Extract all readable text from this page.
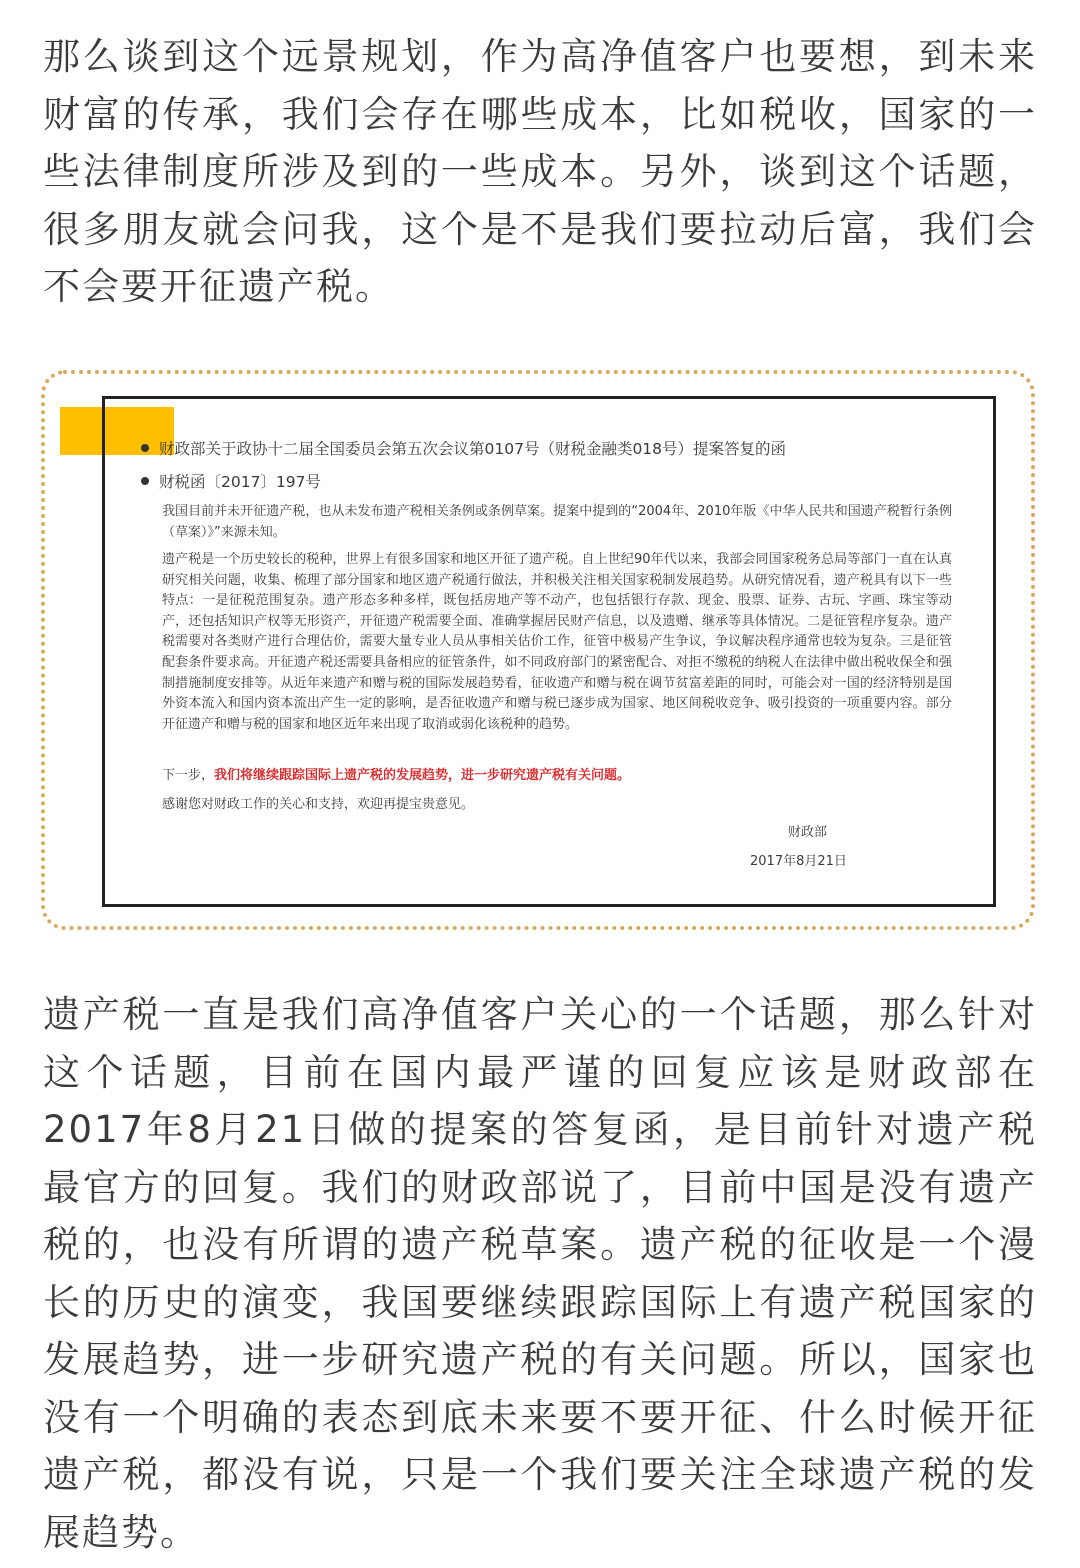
那么谈到这个远景规划，作为高净值客户也要想，到未来财富的传承，我们会存在哪些成本，比如税收，国家的一些法律制度所涉及到的一些成本。另外，谈到这个话题，很多朋友就会问我，这个是不是我们要拉动后富，我们会不会要开征遗产税。

财政部关于政协十二届全国委员会第五次会议第0107号（财税金融类018号）提案答复的函
财税函〔2017〕197号
我国目前并未开征遗产税，也从未发布遗产税相关条例或条例草案。提案中提到的“2004年、2010年版《中华人民共和国遗产税暂行条例（草案）》”来源未知。
遗产税是一个历史较长的税种，世界上有很多国家和地区开征了遗产税。自上世纪90年代以来，我部会同国家税务总局等部门一直在认真研究相关问题，收集、梳理了部分国家和地区遗产税通行做法，并积极关注相关国家税制发展趋势。从研究情况看，遗产税具有以下一些特点：一是征税范围复杂。遗产形态多种多样，既包括房地产等不动产，也包括银行存款、现金、股票、证券、古玩、字画、珠宝等动产，还包括知识产权等无形资产，开征遗产税需要全面、准确掌握居民财产信息，以及遗赠、继承等具体情况。二是征管程序复杂。遗产税需要对各类财产进行合理估价，需要大量专业人员从事相关估价工作，征管中极易产生争议，争议解决程序通常也较为复杂。三是征管配套条件要求高。开征遗产税还需要具备相应的征管条件，如不同政府部门的紧密配合、对拒不缴税的纳税人在法律中做出税收保全和强制措施制度安排等。从近年来遗产和赠与税的国际发展趋势看，征收遗产和赠与税在调节贫富差距的同时，可能会对一国的经济特别是国外资本流入和国内资本流出产生一定的影响，是否征收遗产和赠与税已逐步成为国家、地区间税收竞争、吸引投资的一项重要内容。部分开征遗产和赠与税的国家和地区近年来出现了取消或弱化该税种的趋势。
下一步，我们将继续跟踪国际上遗产税的发展趋势，进一步研究遗产税有关问题。
感谢您对财政工作的关心和支持，欢迎再提宝贵意见。
财政部
2017年8月21日

遗产税一直是我们高净值客户关心的一个话题，那么针对这个话题，目前在国内最严谨的回复应该是财政部在2017年8月21日做的提案的答复函，是目前针对遗产税最官方的回复。我们的财政部说了，目前中国是没有遗产税的，也没有所谓的遗产税草案。遗产税的征收是一个漫长的历史的演变，我国要继续跟踪国际上有遗产税国家的发展趋势，进一步研究遗产税的有关问题。所以，国家也没有一个明确的表态到底未来要不要开征、什么时候开征遗产税，都没有说，只是一个我们要关注全球遗产税的发展趋势。
